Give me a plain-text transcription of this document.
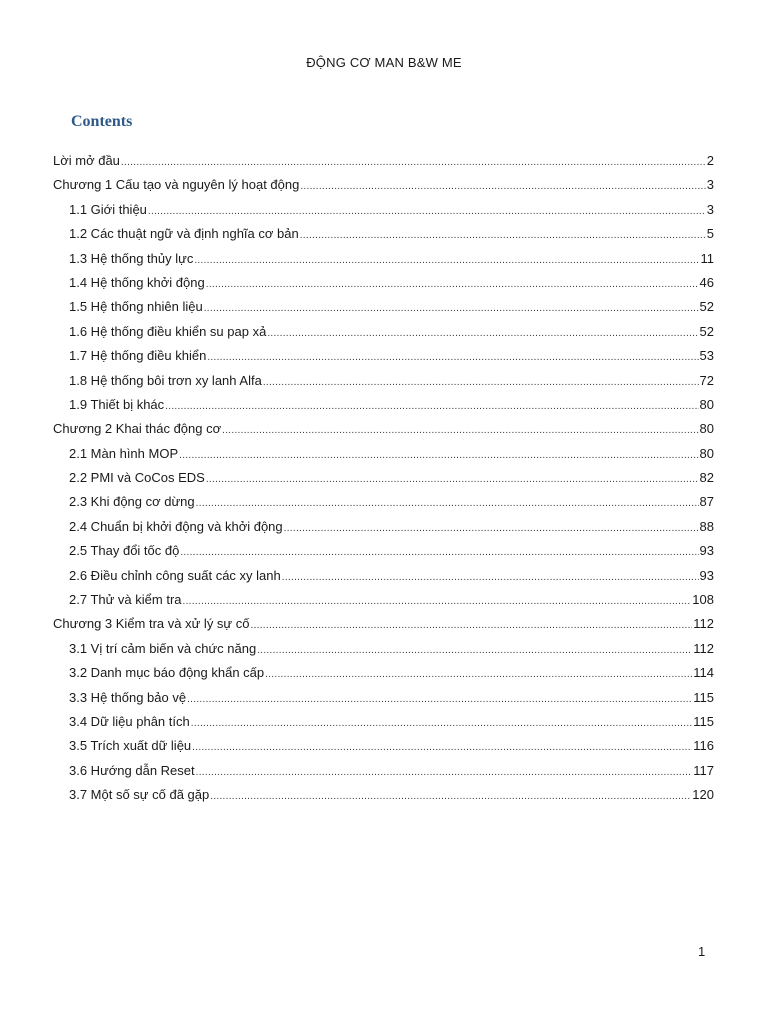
ĐỘNG CƠ MAN B&W ME
Contents
Lời mở đầu .....	2
Chương 1 Cấu tạo và nguyên lý hoạt động .....	3
1.1 Giới thiệu .....	3
1.2 Các thuật ngữ và định nghĩa cơ bản .....	5
1.3 Hệ thống thủy lực .....	11
1.4 Hệ thống khởi động .....	46
1.5 Hệ thống nhiên liệu .....	52
1.6 Hệ thống điều khiển su pap xả .....	52
1.7 Hệ thống điều khiển .....	53
1.8 Hệ thống bôi trơn xy lanh Alfa .....	72
1.9 Thiết bị khác .....	80
Chương 2 Khai thác động cơ .....	80
2.1 Màn hình MOP .....	80
2.2 PMI và CoCos EDS .....	82
2.3 Khi động cơ dừng .....	87
2.4 Chuẩn bị khởi động và khởi động .....	88
2.5 Thay đổi tốc độ .....	93
2.6 Điều chỉnh công suất các xy lanh .....	93
2.7 Thử và kiểm tra .....	108
Chương 3 Kiểm tra và xử lý sự cố .....	112
3.1 Vị trí cảm biến và chức năng .....	112
3.2 Danh mục báo động khẩn cấp .....	114
3.3 Hệ thống bảo vệ .....	115
3.4 Dữ liệu phân tích .....	115
3.5 Trích xuất dữ liệu .....	116
3.6 Hướng dẫn Reset .....	117
3.7 Một số sự cố đã gặp .....	120
1
